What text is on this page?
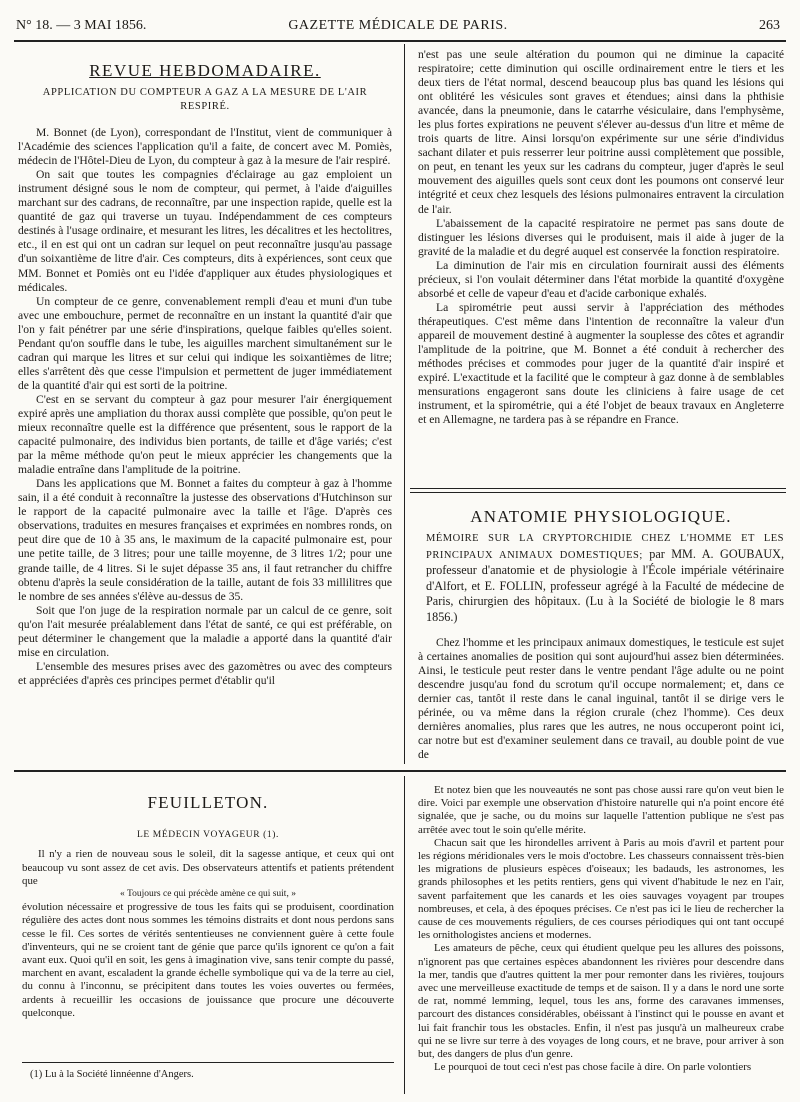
N° 18. — 3 MAI 1856.	GAZETTE MÉDICALE DE PARIS.	263
REVUE HEBDOMADAIRE.
APPLICATION DU COMPTEUR A GAZ A LA MESURE DE L'AIR RESPIRÉ.

M. Bonnet (de Lyon), correspondant de l'Institut, vient de communiquer à l'Académie des sciences l'application qu'il a faite, de concert avec M. Pomiès, médecin de l'Hôtel-Dieu de Lyon, du compteur à gaz à la mesure de l'air respiré.

On sait que toutes les compagnies d'éclairage au gaz emploient un instrument désigné sous le nom de compteur, qui permet, à l'aide d'aiguilles marchant sur des cadrans, de reconnaître, par une inspection rapide, quelle est la quantité de gaz qui traverse un tuyau. Indépendamment de ces compteurs destinés à l'usage ordinaire, et mesurant les litres, les décalitres et les hectolitres, etc., il en est qui ont un cadran sur lequel on peut reconnaître jusqu'au passage d'un soixantième de litre d'air. Ces compteurs, dits à expériences, sont ceux que MM. Bonnet et Pomiès ont eu l'idée d'appliquer aux études physiologiques et médicales.

Un compteur de ce genre, convenablement rempli d'eau et muni d'un tube avec une embouchure, permet de reconnaître en un instant la quantité d'air que l'on y fait pénétrer par une série d'inspirations, quelque faibles qu'elles soient. Pendant qu'on souffle dans le tube, les aiguilles marchent simultanément sur le cadran qui marque les litres et sur celui qui indique les soixantièmes de litre; elles s'arrêtent dès que cesse l'impulsion et permettent de juger immédiatement de la quantité d'air qui est sorti de la poitrine.

C'est en se servant du compteur à gaz pour mesurer l'air énergiquement expiré après une ampliation du thorax aussi complète que possible, qu'on peut le mieux reconnaître quelle est la différence que présentent, sous le rapport de la capacité pulmonaire, des individus bien portants, de taille et d'âge variés; c'est par la même méthode qu'on peut le mieux apprécier les changements que la maladie entraîne dans l'amplitude de la poitrine.

Dans les applications que M. Bonnet a faites du compteur à gaz à l'homme sain, il a été conduit à reconnaître la justesse des observations d'Hutchinson sur le rapport de la capacité pulmonaire avec la taille et l'âge. D'après ces observations, traduites en mesures françaises et exprimées en nombres ronds, on peut dire que de 10 à 35 ans, le maximum de la capacité pulmonaire est, pour une petite taille, de 3 litres; pour une taille moyenne, de 3 litres 1/2; pour une grande taille, de 4 litres. Si le sujet dépasse 35 ans, il faut retrancher du chiffre obtenu d'après la seule considération de la taille, autant de fois 33 millilitres que le nombre de ses années s'élève au-dessus de 35.

Soit que l'on juge de la respiration normale par un calcul de ce genre, soit qu'on l'ait mesurée préalablement dans l'état de santé, ce qui est préférable, on peut déterminer le changement que la maladie a apporté dans la quantité d'air mise en circulation.

L'ensemble des mesures prises avec des gazomètres ou avec des compteurs et appréciées d'après ces principes permet d'établir qu'il

n'est pas une seule altération du poumon qui ne diminue la capacité respiratoire; cette diminution qui oscille ordinairement entre le tiers et les deux tiers de l'état normal, descend beaucoup plus bas quand les lésions qui ont oblitéré les vésicules sont graves et étendues; ainsi dans la phthisie avancée, dans la pneumonie, dans le catarrhe vésiculaire, dans l'emphysème, les plus fortes expirations ne peuvent s'élever au-dessus d'un litre et même de trois quarts de litre. Ainsi lorsqu'on expérimente sur une série d'individus sachant dilater et puis resserrer leur poitrine aussi complètement que possible, on peut, en tenant les yeux sur les cadrans du compteur, juger d'après le seul mouvement des aiguilles quels sont ceux dont les poumons ont conservé leur intégrité et ceux chez lesquels des lésions pulmonaires entravent la circulation de l'air.

L'abaissement de la capacité respiratoire ne permet pas sans doute de distinguer les lésions diverses qui le produisent, mais il aide à juger de la gravité de la maladie et du degré auquel est conservée la fonction respiratoire.

La diminution de l'air mis en circulation fournirait aussi des éléments précieux, si l'on voulait déterminer dans l'état morbide la quantité d'oxygène absorbé et celle de vapeur d'eau et d'acide carbonique exhalés.

La spirométrie peut aussi servir à l'appréciation des méthodes thérapeutiques. C'est même dans l'intention de reconnaître la valeur d'un appareil de mouvement destiné à augmenter la souplesse des côtes et agrandir l'amplitude de la poitrine, que M. Bonnet a été conduit à rechercher des méthodes précises et commodes pour juger de la quantité d'air inspiré et expiré. L'exactitude et la facilité que le compteur à gaz donne à de semblables mensurations engageront sans doute les cliniciens à faire usage de cet instrument, et la spirométrie, qui a été l'objet de beaux travaux en Angleterre et en Allemagne, ne tardera pas à se répandre en France.

ANATOMIE PHYSIOLOGIQUE.

MÉMOIRE SUR LA CRYPTORCHIDIE CHEZ L'HOMME ET LES PRINCIPAUX ANIMAUX DOMESTIQUES; par MM. A. GOUBAUX, professeur d'anatomie et de physiologie à l'École impériale vétérinaire d'Alfort, et E. FOLLIN, professeur agrégé à la Faculté de médecine de Paris, chirurgien des hôpitaux. (Lu à la Société de biologie le 8 mars 1856.)

Chez l'homme et les principaux animaux domestiques, le testicule est sujet à certaines anomalies de position qui sont aujourd'hui assez bien déterminées. Ainsi, le testicule peut rester dans le ventre pendant l'âge adulte ou ne point descendre jusqu'au fond du scrotum qu'il occupe normalement; et, dans ce dernier cas, tantôt il reste dans le canal inguinal, tantôt il se dirige vers le périnée, ou va même dans la région crurale (chez l'homme). Ces deux dernières anomalies, plus rares que les autres, ne nous occuperont point ici, car notre but est d'examiner seulement dans ce travail, au double point de vue de

FEUILLETON.
LE MÉDECIN VOYAGEUR (1).

Il n'y a rien de nouveau sous le soleil, dit la sagesse antique, et ceux qui ont beaucoup vu sont assez de cet avis. Des observateurs attentifs et patients prétendent que

« Toujours ce qui précède amène ce qui suit, »

évolution nécessaire et progressive de tous les faits qui se produisent, coordination régulière des actes dont nous sommes les témoins distraits et dont nous perdons sans cesse le fil. Ces sortes de vérités sententieuses ne conviennent guère à cette foule d'inventeurs, qui ne se croient tant de génie que parce qu'ils ignorent ce qu'on a fait avant eux. Quoi qu'il en soit, les gens à imagination vive, sans tenir compte du passé, marchent en avant, escaladent la grande échelle symbolique qui va de la terre au ciel, du connu à l'inconnu, se précipitent dans toutes les voies ouvertes ou fermées, ardents à recueillir les occasions de jouissance que procure une découverte quelconque.

(1) Lu à la Société linnéenne d'Angers.

Et notez bien que les nouveautés ne sont pas chose aussi rare qu'on veut bien le dire. Voici par exemple une observation d'histoire naturelle qui n'a point encore été signalée, que je sache, ou du moins sur laquelle l'attention publique ne s'est pas arrêtée avec tout le soin qu'elle mérite.

Chacun sait que les hirondelles arrivent à Paris au mois d'avril et partent pour les régions méridionales vers le mois d'octobre. Les chasseurs connaissent très-bien les migrations de plusieurs espèces d'oiseaux; les badauds, les astronomes, les grands philosophes et les petits rentiers, gens qui vivent d'habitude le nez en l'air, savent parfaitement que les canards et les oies sauvages voyagent par troupes nombreuses, et cela, à des époques précises. Ce n'est pas ici le lieu de rechercher la cause de ces mouvements réguliers, de ces courses périodiques qui ont tant occupé les ornithologistes anciens et modernes.

Les amateurs de pêche, ceux qui étudient quelque peu les allures des poissons, n'ignorent pas que certaines espèces abandonnent les rivières pour descendre dans la mer, tandis que d'autres quittent la mer pour remonter dans les rivières, toujours avec une merveilleuse exactitude de temps et de saison. Il y a dans le nord une sorte de rat, nommé lemming, lequel, tous les ans, forme des caravanes immenses, parcourt des distances considérables, obéissant à l'instinct qui le pousse en avant et lui fait franchir tous les obstacles. Enfin, il n'est pas jusqu'à un malheureux crabe qui ne se livre sur terre à des voyages de long cours, et ne brave, pour arriver à son but, des dangers de plus d'un genre.

Le pourquoi de tout ceci n'est pas chose facile à dire. On parle volontiers
